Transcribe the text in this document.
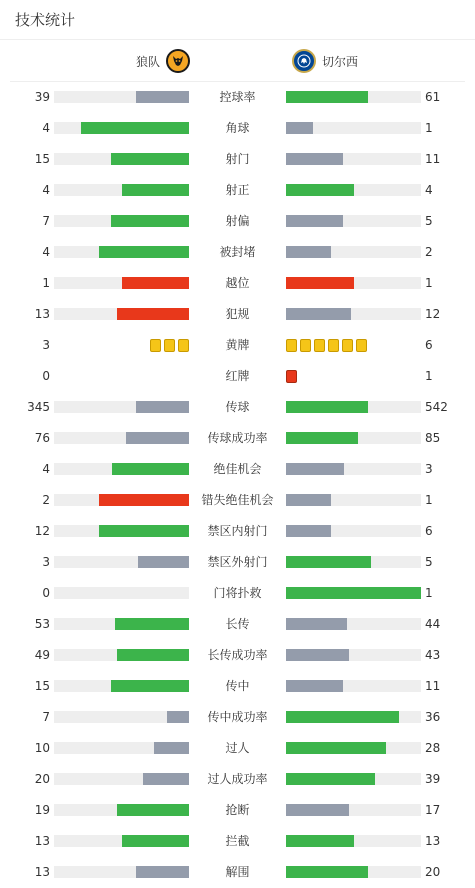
技术统计
狼队	切尔西
39	控球率	61
4	角球	1
15	射门	11
4	射正	4
7	射偏	5
4	被封堵	2
1	越位	1
13	犯规	12
3	黄牌	6
0	红牌	1
345	传球	542
76	传球成功率	85
4	绝佳机会	3
2	错失绝佳机会	1
12	禁区内射门	6
3	禁区外射门	5
0	门将扑救	1
53	长传	44
49	长传成功率	43
15	传中	11
7	传中成功率	36
10	过人	28
20	过人成功率	39
19	抢断	17
13	拦截	13
13	解围	20
